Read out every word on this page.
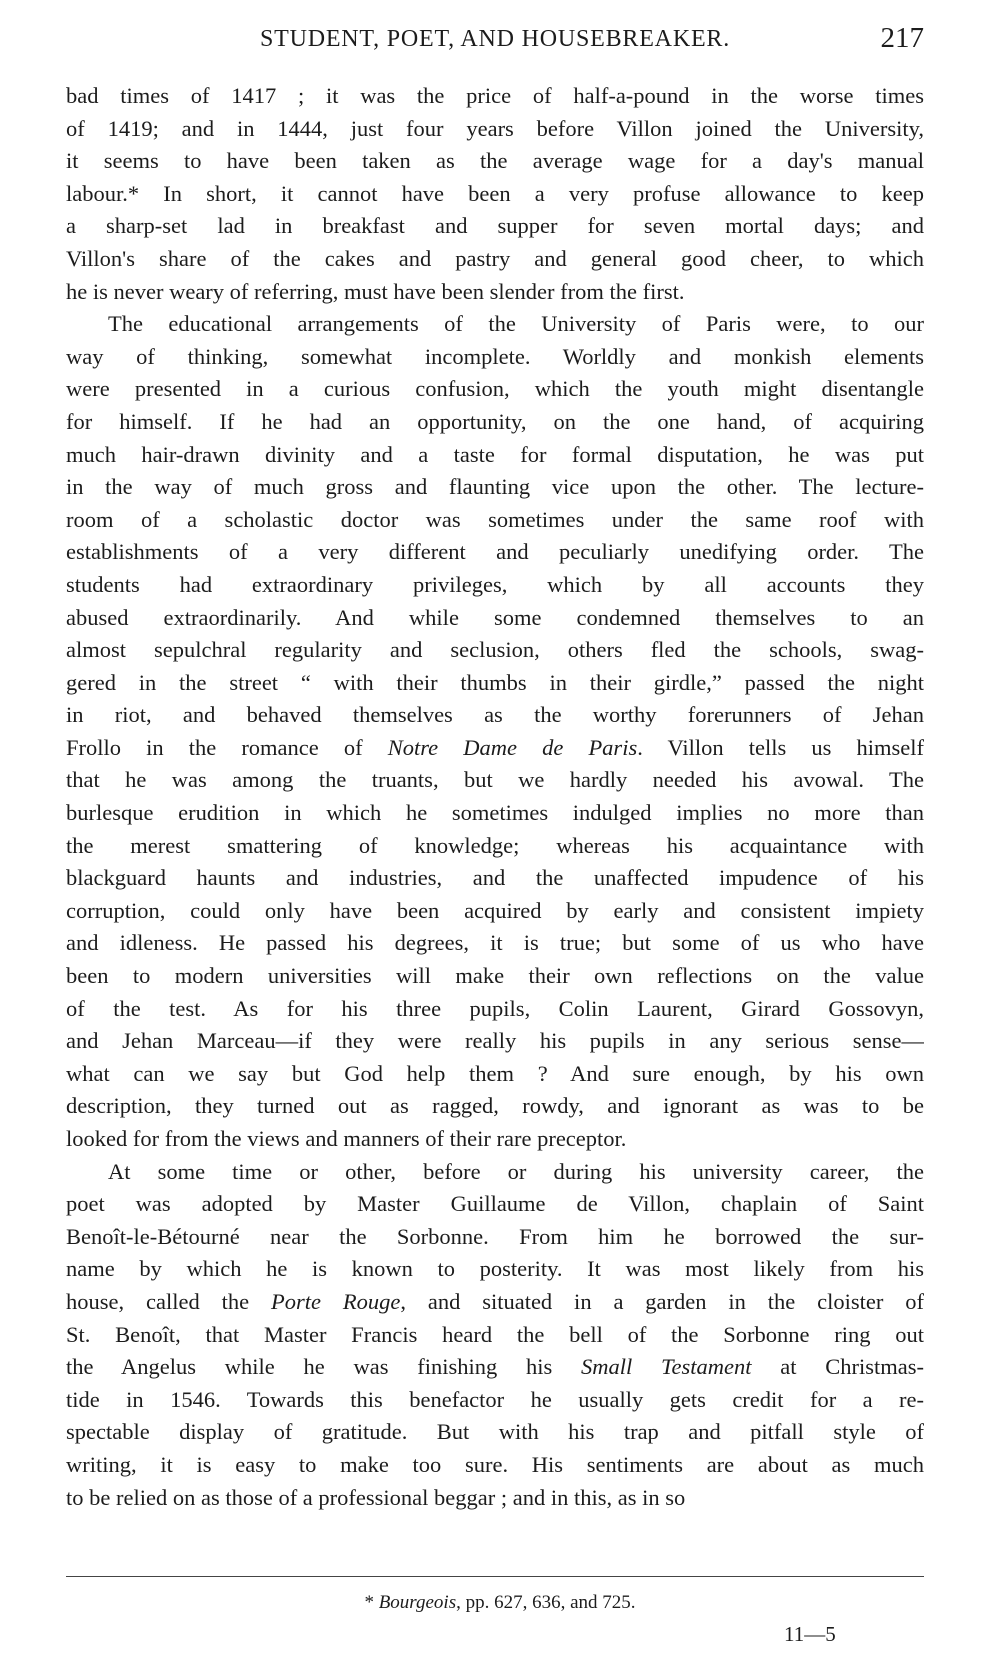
STUDENT, POET, AND HOUSEBREAKER.	217
bad times of 1417 ; it was the price of half-a-pound in the worse times
of 1419; and in 1444, just four years before Villon joined the University,
it seems to have been taken as the average wage for a day's manual
labour.* In short, it cannot have been a very profuse allowance to keep
a sharp-set lad in breakfast and supper for seven mortal days; and
Villon's share of the cakes and pastry and general good cheer, to which
he is never weary of referring, must have been slender from the first.
The educational arrangements of the University of Paris were, to our
way of thinking, somewhat incomplete. Worldly and monkish elements
were presented in a curious confusion, which the youth might disentangle
for himself. If he had an opportunity, on the one hand, of acquiring
much hair-drawn divinity and a taste for formal disputation, he was put
in the way of much gross and flaunting vice upon the other. The lecture-
room of a scholastic doctor was sometimes under the same roof with
establishments of a very different and peculiarly unedifying order. The
students had extraordinary privileges, which by all accounts they
abused extraordinarily. And while some condemned themselves to an
almost sepulchral regularity and seclusion, others fled the schools, swag-
gered in the street “ with their thumbs in their girdle,” passed the night
in riot, and behaved themselves as the worthy forerunners of Jehan
Frollo in the romance of Notre Dame de Paris. Villon tells us himself
that he was among the truants, but we hardly needed his avowal. The
burlesque erudition in which he sometimes indulged implies no more than
the merest smattering of knowledge; whereas his acquaintance with
blackguard haunts and industries, and the unaffected impudence of his
corruption, could only have been acquired by early and consistent impiety
and idleness. He passed his degrees, it is true; but some of us who have
been to modern universities will make their own reflections on the value
of the test. As for his three pupils, Colin Laurent, Girard Gossovyn,
and Jehan Marceau—if they were really his pupils in any serious sense—
what can we say but God help them ? And sure enough, by his own
description, they turned out as ragged, rowdy, and ignorant as was to be
looked for from the views and manners of their rare preceptor.
At some time or other, before or during his university career, the
poet was adopted by Master Guillaume de Villon, chaplain of Saint
Benoît-le-Bétourné near the Sorbonne. From him he borrowed the sur-
name by which he is known to posterity. It was most likely from his
house, called the Porte Rouge, and situated in a garden in the cloister of
St. Benoît, that Master Francis heard the bell of the Sorbonne ring out
the Angelus while he was finishing his Small Testament at Christmas-
tide in 1546. Towards this benefactor he usually gets credit for a re-
spectable display of gratitude. But with his trap and pitfall style of
writing, it is easy to make too sure. His sentiments are about as much
to be relied on as those of a professional beggar ; and in this, as in so
* Bourgeois, pp. 627, 636, and 725.
11—5
